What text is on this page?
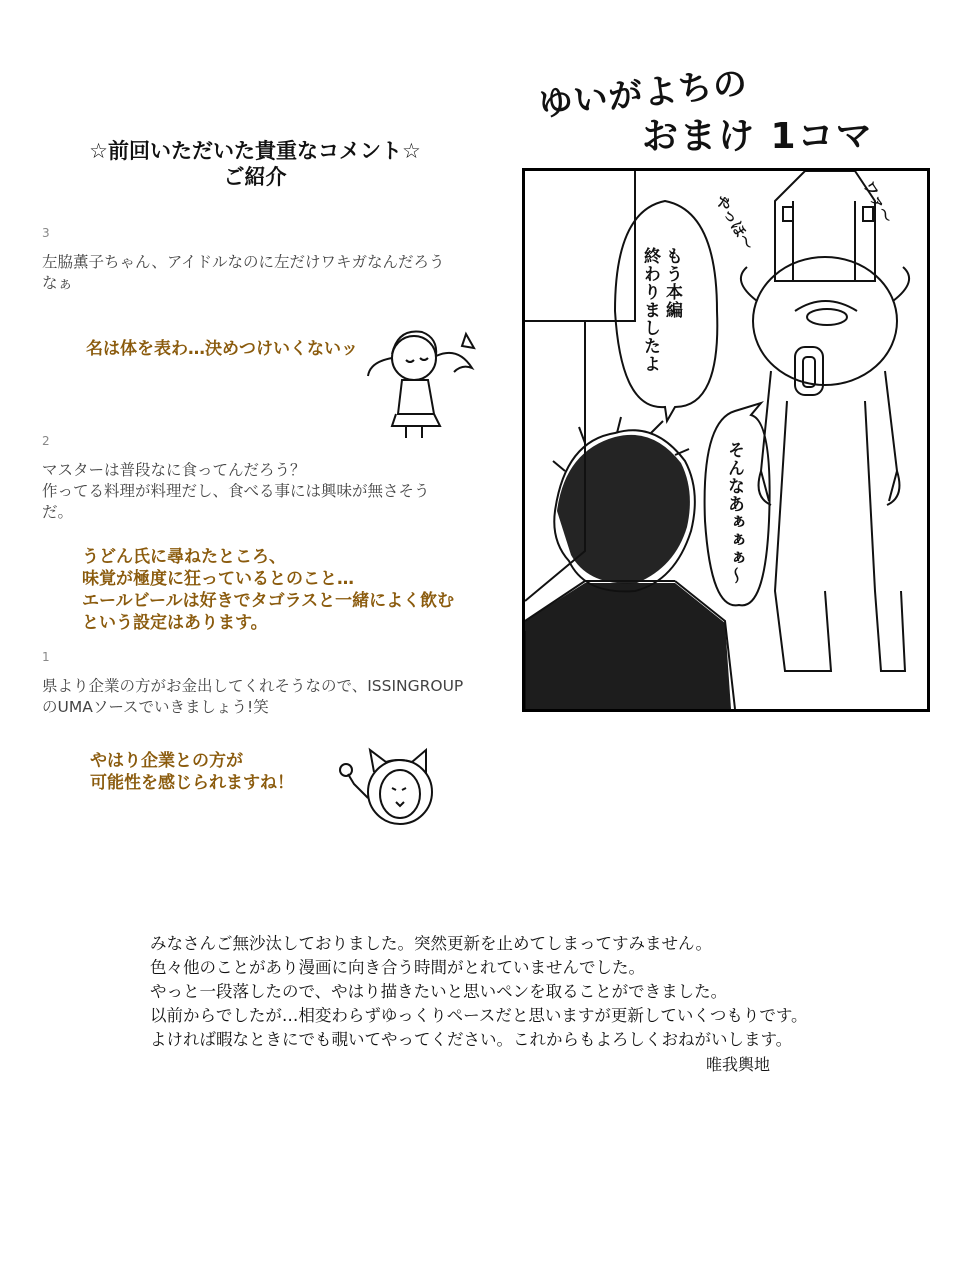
ゆいがよちの
おまけ 1コマ
☆前回いただいた貴重なコメント☆
ご紹介
3
左脇薫子ちゃん、アイドルなのに左だけワキガなんだろう
なぁ
名は体を表わ…決めつけいくないッ
2
マスターは普段なに食ってんだろう？
作ってる料理が料理だし、食べる事には興味が無さそう
だ。
うどん氏に尋ねたところ、
味覚が極度に狂っているとのこと…
エールビールは好きでタゴラスと一緒によく飲む
という設定はあります。
1
県より企業の方がお金出してくれそうなので、ISSINGROUP
のUMAソースでいきましょう!笑
やはり企業との方が
可能性を感じられますね！
もう本編
終わりましたよ
そんなあぁぁぁ～
やっほ〜	ワァ〜
みなさんご無沙汰しておりました。突然更新を止めてしまってすみません。
色々他のことがあり漫画に向き合う時間がとれていませんでした。
やっと一段落したので、やはり描きたいと思いペンを取ることができました。
以前からでしたが…相変わらずゆっくりペースだと思いますが更新していくつもりです。
よければ暇なときにでも覗いてやってください。これからもよろしくおねがいします。
唯我輿地
